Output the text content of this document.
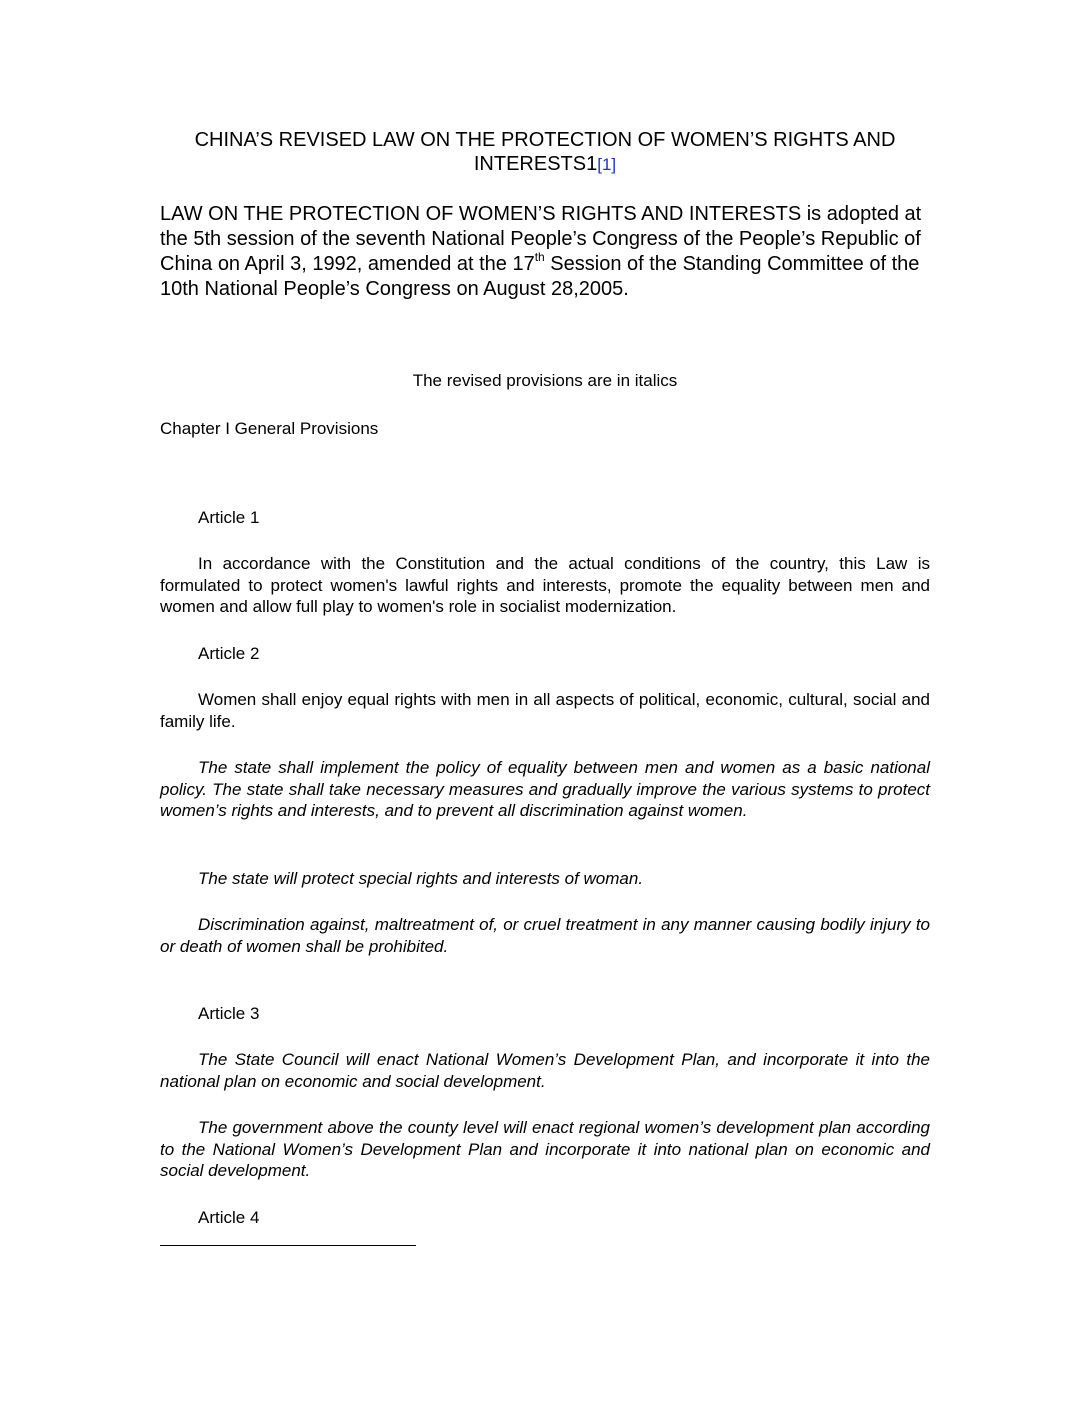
CHINA’S REVISED LAW ON THE PROTECTION OF WOMEN’S RIGHTS AND INTERESTS1[1]

LAW ON THE PROTECTION OF WOMEN’S RIGHTS AND INTERESTS is adopted at the 5th session of the seventh National People’s Congress of the People’s Republic of China on April 3, 1992, amended at the 17th Session of the Standing Committee of the 10th National People’s Congress on August 28,2005.

The revised provisions are in italics

Chapter I General Provisions
Article 1

In accordance with the Constitution and the actual conditions of the country, this Law is formulated to protect women's lawful rights and interests, promote the equality between men and women and allow full play to women's role in socialist modernization.

Article 2

Women shall enjoy equal rights with men in all aspects of political, economic, cultural, social and family life.

The state shall implement the policy of equality between men and women as a basic national policy. The state shall take necessary measures and gradually improve the various systems to protect women’s rights and interests, and to prevent all discrimination against women.

The state will protect special rights and interests of woman.

Discrimination against, maltreatment of, or cruel treatment in any manner causing bodily injury to or death of women shall be prohibited.

Article 3

The State Council will enact National Women’s Development Plan, and incorporate it into the national plan on economic and social development.

The government above the county level will enact regional women’s development plan according to the National Women’s Development Plan and incorporate it into national plan on economic and social development.

Article 4
